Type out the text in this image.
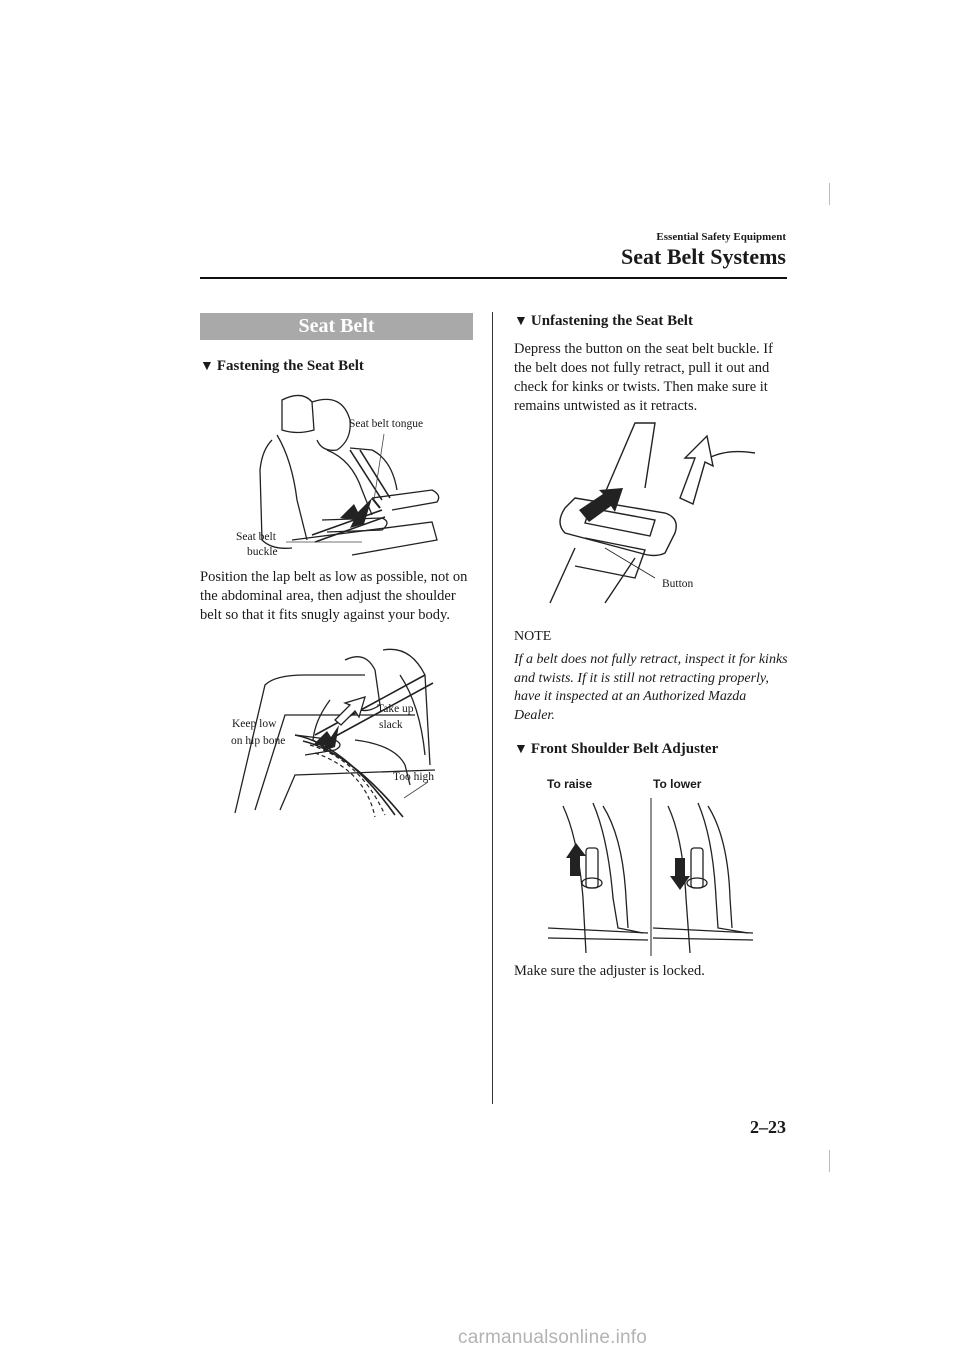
Essential Safety Equipment
Seat Belt Systems
Seat Belt
▼ Fastening the Seat Belt
Seat belt tongue
Seat belt
buckle
Position the lap belt as low as possible, not on the abdominal area, then adjust the shoulder belt so that it fits snugly against your body.
Keep low
on hip bone
Take up
slack
Too high
▼ Unfastening the Seat Belt
Depress the button on the seat belt buckle. If the belt does not fully retract, pull it out and check for kinks or twists. Then make sure it remains untwisted as it retracts.
Button
NOTE
If a belt does not fully retract, inspect it for kinks and twists. If it is still not retracting properly, have it inspected at an Authorized Mazda Dealer.
▼ Front Shoulder Belt Adjuster
To raise	To lower
Make sure the adjuster is locked.
2–23
carmanualsonline.info
